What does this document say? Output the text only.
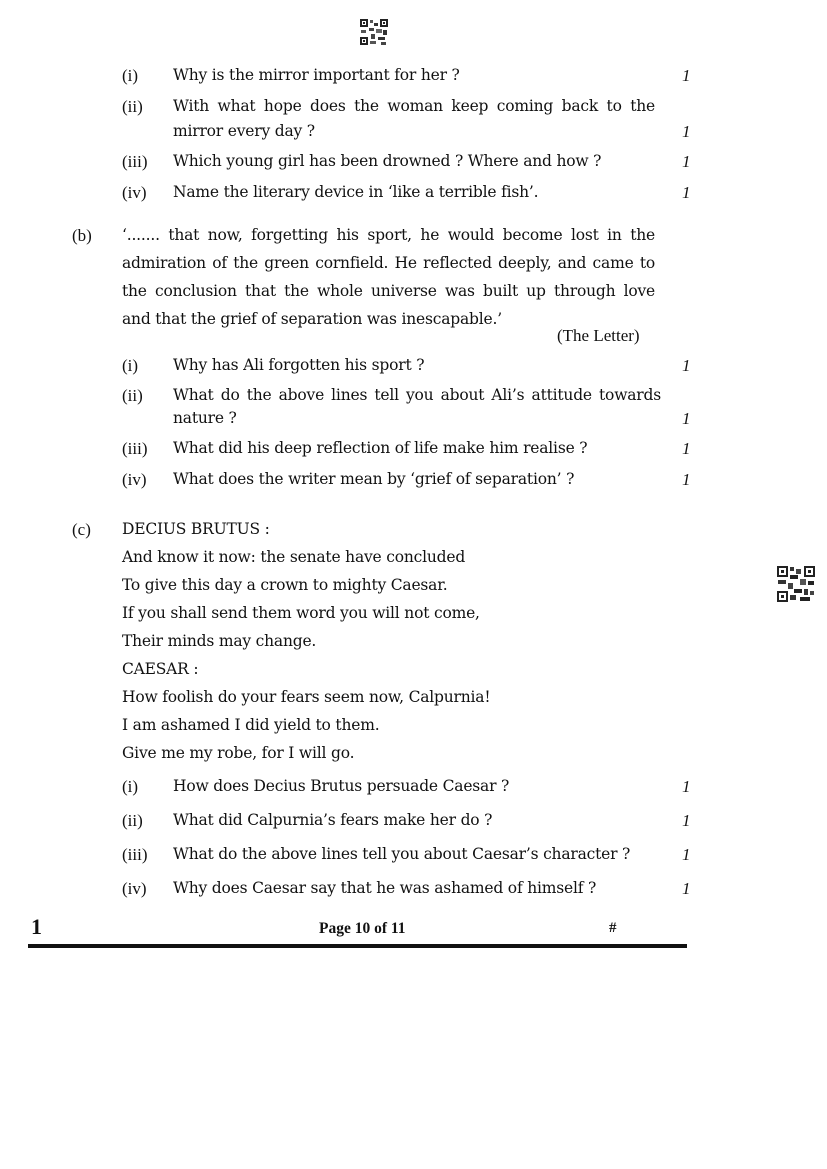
(i) Why is the mirror important for her ?	1
(ii) With what hope does the woman keep coming back to the
mirror every day ?	1
(iii) Which young girl has been drowned ? Where and how ?	1
(iv) Name the literary device in ‘like a terrible fish’.	1
(b) ‘....... that now, forgetting his sport, he would become lost in the
admiration of the green cornfield. He reflected deeply, and came to
the conclusion that the whole universe was built up through love
and that the grief of separation was inescapable.’
(The Letter)
(i) Why has Ali forgotten his sport ?	1
(ii) What do the above lines tell you about Ali’s attitude towards
nature ?	1
(iii) What did his deep reflection of life make him realise ?	1
(iv) What does the writer mean by ‘grief of separation’ ?	1
(c) DECIUS BRUTUS :
And know it now: the senate have concluded
To give this day a crown to mighty Caesar.
If you shall send them word you will not come,
Their minds may change.
CAESAR :
How foolish do your fears seem now, Calpurnia!
I am ashamed I did yield to them.
Give me my robe, for I will go.
(i) How does Decius Brutus persuade Caesar ?	1
(ii) What did Calpurnia’s fears make her do ?	1
(iii) What do the above lines tell you about Caesar’s character ?	1
(iv) Why does Caesar say that he was ashamed of himself ?	1
1	Page 10 of 11	#
